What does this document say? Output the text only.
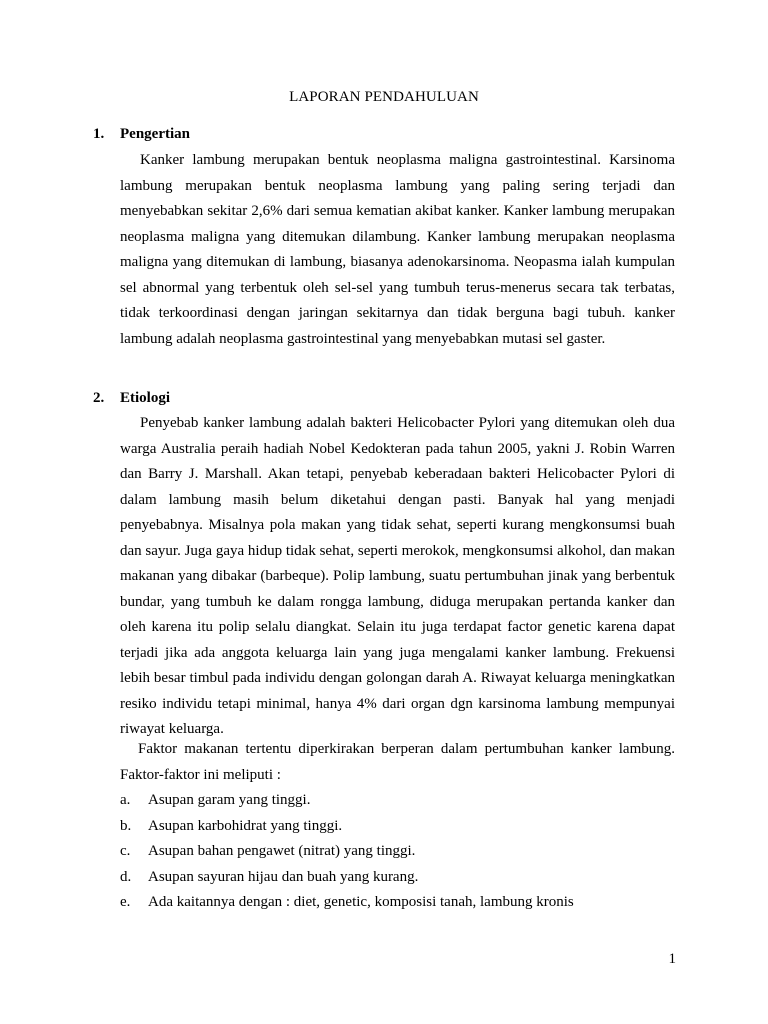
LAPORAN PENDAHULUAN
1. Pengertian

Kanker lambung merupakan bentuk neoplasma maligna gastrointestinal. Karsinoma lambung merupakan bentuk neoplasma lambung yang paling sering terjadi dan menyebabkan sekitar 2,6% dari semua kematian akibat kanker. Kanker lambung merupakan neoplasma maligna yang ditemukan dilambung. Kanker lambung merupakan neoplasma maligna yang ditemukan di lambung, biasanya adenokarsinoma. Neopasma ialah kumpulan sel abnormal yang terbentuk oleh sel-sel yang tumbuh terus-menerus secara tak terbatas, tidak terkoordinasi dengan jaringan sekitarnya dan tidak berguna bagi tubuh. kanker lambung adalah neoplasma gastrointestinal yang menyebabkan mutasi sel gaster.

2. Etiologi

Penyebab kanker lambung adalah bakteri Helicobacter Pylori yang ditemukan oleh dua warga Australia peraih hadiah Nobel Kedokteran pada tahun 2005, yakni J. Robin Warren dan Barry J. Marshall. Akan tetapi, penyebab keberadaan bakteri Helicobacter Pylori di dalam lambung masih belum diketahui dengan pasti. Banyak hal yang menjadi penyebabnya. Misalnya pola makan yang tidak sehat, seperti kurang mengkonsumsi buah dan sayur. Juga gaya hidup tidak sehat, seperti merokok, mengkonsumsi alkohol, dan makan makanan yang dibakar (barbeque). Polip lambung, suatu pertumbuhan jinak yang berbentuk bundar, yang tumbuh ke dalam rongga lambung, diduga merupakan pertanda kanker dan oleh karena itu polip selalu diangkat. Selain itu juga terdapat factor genetic karena dapat terjadi jika ada anggota keluarga lain yang juga mengalami kanker lambung. Frekuensi lebih besar timbul pada individu dengan golongan darah A. Riwayat keluarga meningkatkan resiko individu tetapi minimal, hanya 4% dari organ dgn karsinoma lambung mempunyai riwayat keluarga.

Faktor makanan tertentu diperkirakan berperan dalam pertumbuhan kanker lambung. Faktor-faktor ini meliputi :

a. Asupan garam yang tinggi.
b. Asupan karbohidrat yang tinggi.
c. Asupan bahan pengawet (nitrat) yang tinggi.
d. Asupan sayuran hijau dan buah yang kurang.
e. Ada kaitannya dengan : diet, genetic, komposisi tanah, lambung kronis
1
